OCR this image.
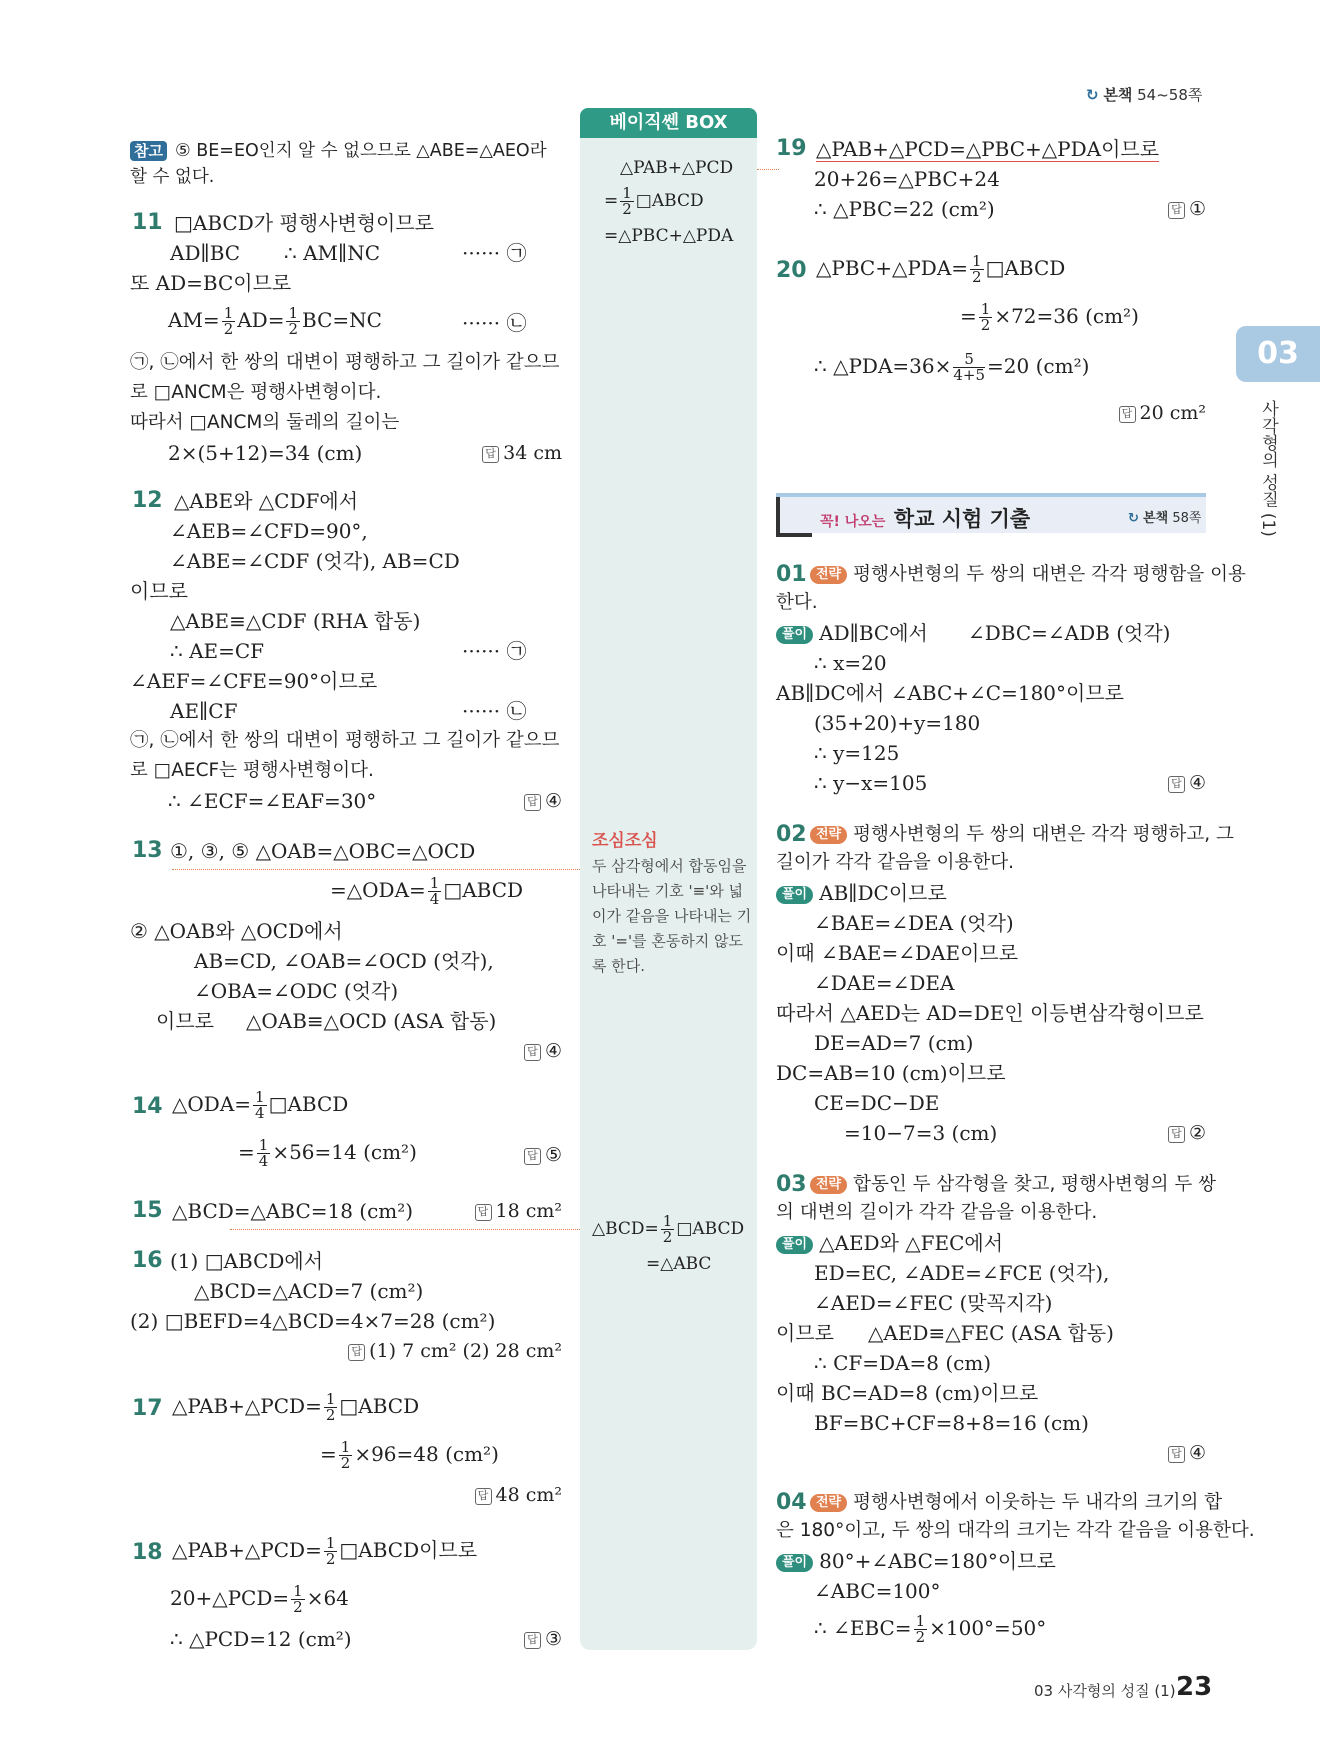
↻ 본책 54~58쪽
03
사각형의 성질 (1)
베이직쎈 BOX
△PAB+△PCD
= $\frac{1}{2}$ □ABCD
=△PBC+△PDA
조심조심
두 삼각형에서 합동임을 나타내는 기호 '≡'와 넓이가 같음을 나타내는 기호 '='를 혼동하지 않도록 한다.
△BCD= $\frac{1}{2}$ □ABCD
=△ABC
참고 ⑤ BE=EO인지 알 수 없으므로 △ABE=△AEO라
할 수 없다.
11 □ABCD가 평행사변형이므로
AD∥BC ∴ AM∥NC	······ ㉠
또 AD=BC이므로
$AM= \frac{1}{2} AD= \frac{1}{2} BC=NC$	······ ㉡
㉠, ㉡에서 한 쌍의 대변이 평행하고 그 길이가 같으므
로 □ANCM은 평행사변형이다.
따라서 □ANCM의 둘레의 길이는
2×(5+12)=34 (cm)	답 34 cm
12 △ABE와 △CDF에서
∠AEB=∠CFD=90°,
∠ABE=∠CDF (엇각), AB=CD
이므로
△ABE≡△CDF (RHA 합동)
∴ AE=CF	······ ㉠
∠AEF=∠CFE=90°이므로
AE∥CF	······ ㉡
㉠, ㉡에서 한 쌍의 대변이 평행하고 그 길이가 같으므
로 □AECF는 평행사변형이다.
∴ ∠ECF=∠EAF=30°	답 ④
13 ①, ③, ⑤ △OAB=△OBC=△OCD
=△ODA= $\frac{1}{4}$ □ABCD
② △OAB와 △OCD에서
AB=CD, ∠OAB=∠OCD (엇각),
∠OBA=∠ODC (엇각)
이므로 △OAB≡△OCD (ASA 합동)
답 ④
14 △ODA= $\frac{1}{4}$ □ABCD
= $\frac{1}{4} \times 56=14$ (cm²)	답 ⑤
15 △BCD=△ABC=18 (cm²)	답 18 cm²
16 (1) □ABCD에서
△BCD=△ACD=7 (cm²)
(2) □BEFD=4△BCD=4×7=28 (cm²)
답 (1) 7 cm² (2) 28 cm²
17 △PAB+△PCD= $\frac{1}{2}$ □ABCD
= $\frac{1}{2} \times 96=48$ (cm²)
답 48 cm²
18 △PAB+△PCD= $\frac{1}{2}$ □ABCD이므로
20+△PCD= $\frac{1}{2} \times 64$
∴ △PCD=12 (cm²)	답 ③
19 △PAB+△PCD=△PBC+△PDA이므로
20+26=△PBC+24
∴ △PBC=22 (cm²)	답 ①
20 △PBC+△PDA= $\frac{1}{2}$ □ABCD
= $\frac{1}{2} \times 72=36$ (cm²)
∴ △PDA=36× $\frac{5}{4+5} =20$ (cm²)
답 20 cm²
꼭! 나오는 학교 시험 기출	↻ 본책 58쪽
01 전략 평행사변형의 두 쌍의 대변은 각각 평행함을 이용
한다.
풀이 AD∥BC에서 ∠DBC=∠ADB (엇각)
∴ x=20
AB∥DC에서 ∠ABC+∠C=180°이므로
(35+20)+y=180
∴ y=125
∴ y−x=105	답 ④
02 전략 평행사변형의 두 쌍의 대변은 각각 평행하고, 그
길이가 각각 같음을 이용한다.
풀이 AB∥DC이므로
∠BAE=∠DEA (엇각)
이때 ∠BAE=∠DAE이므로
∠DAE=∠DEA
따라서 △AED는 AD=DE인 이등변삼각형이므로
DE=AD=7 (cm)
DC=AB=10 (cm)이므로
CE=DC−DE
=10−7=3 (cm)	답 ②
03 전략 합동인 두 삼각형을 찾고, 평행사변형의 두 쌍
의 대변의 길이가 각각 같음을 이용한다.
풀이 △AED와 △FEC에서
ED=EC, ∠ADE=∠FCE (엇각),
∠AED=∠FEC (맞꼭지각)
이므로 △AED≡△FEC (ASA 합동)
∴ CF=DA=8 (cm)
이때 BC=AD=8 (cm)이므로
BF=BC+CF=8+8=16 (cm)
답 ④
04 전략 평행사변형에서 이웃하는 두 내각의 크기의 합
은 180°이고, 두 쌍의 대각의 크기는 각각 같음을 이용한다.
풀이 80°+∠ABC=180°이므로
∠ABC=100°
∴ ∠EBC= $\frac{1}{2} \times 100^\circ=50^\circ$
03 사각형의 성질 (1) 23
